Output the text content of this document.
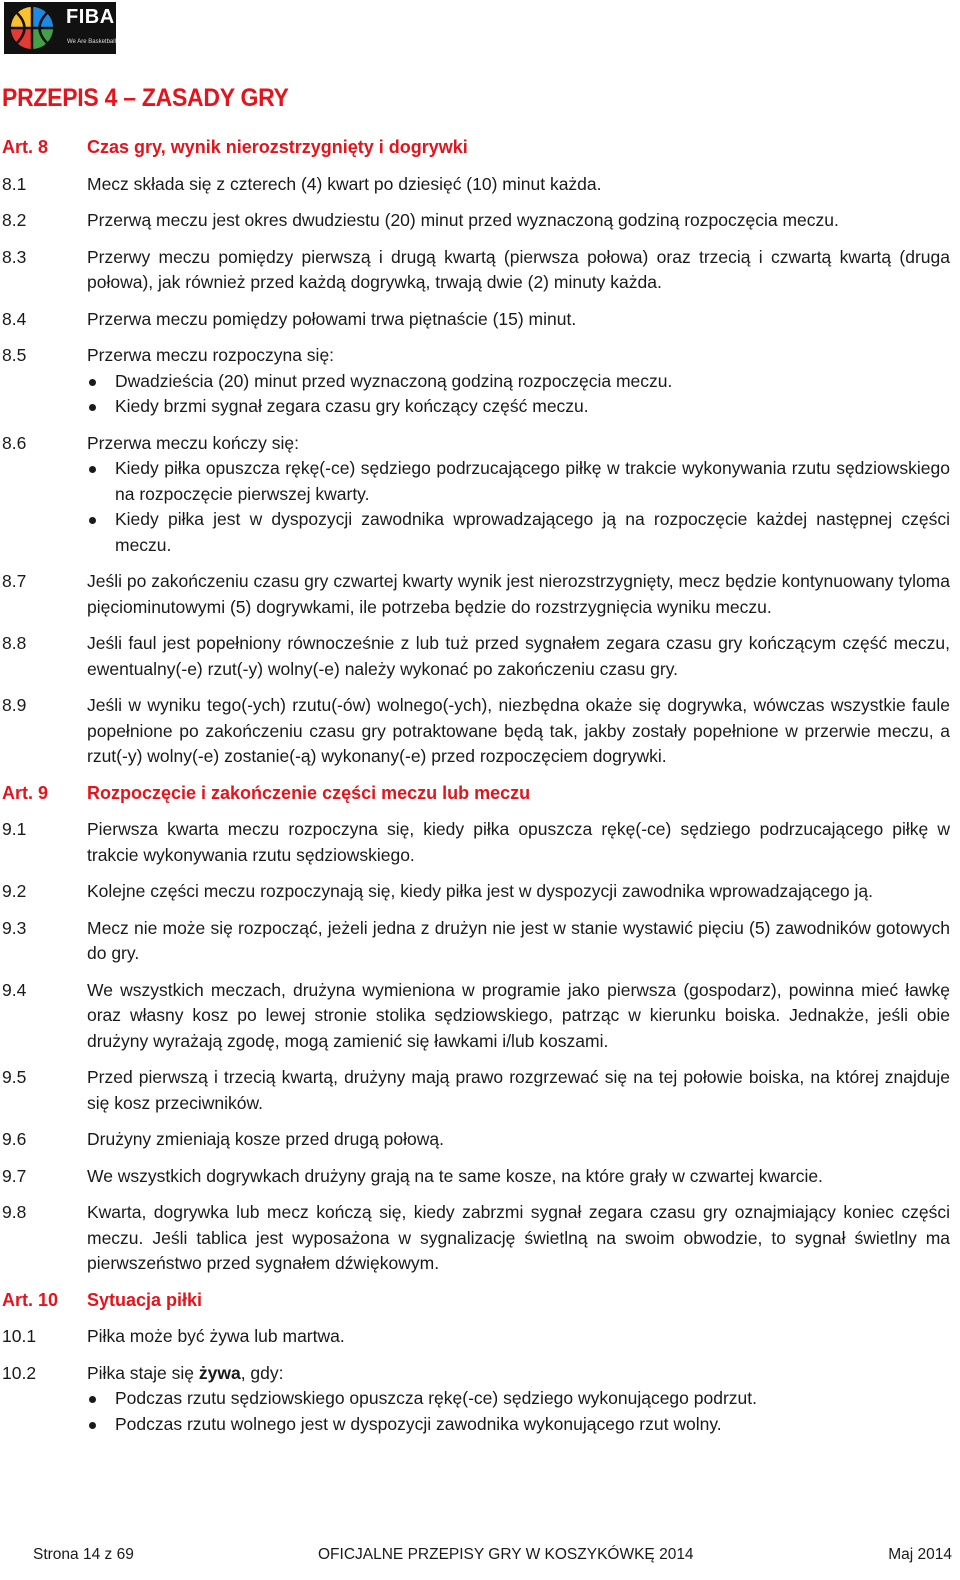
FIBA
We Are Basketball
PRZEPIS 4 – ZASADY GRY
Art. 8	Czas gry, wynik nierozstrzygnięty i dogrywki
8.1	Mecz składa się z czterech (4) kwart po dziesięć (10) minut każda.
8.2	Przerwą meczu jest okres dwudziestu (20) minut przed wyznaczoną godziną rozpoczęcia meczu.
8.3	Przerwy meczu pomiędzy pierwszą i drugą kwartą (pierwsza połowa) oraz trzecią i czwartą kwartą (druga połowa), jak również przed każdą dogrywką, trwają dwie (2) minuty każda.
8.4	Przerwa meczu pomiędzy połowami trwa piętnaście (15) minut.
8.5	Przerwa meczu rozpoczyna się:
Dwadzieścia (20) minut przed wyznaczoną godziną rozpoczęcia meczu.
Kiedy brzmi sygnał zegara czasu gry kończący część meczu.
8.6	Przerwa meczu kończy się:
Kiedy piłka opuszcza rękę(-ce) sędziego podrzucającego piłkę w trakcie wykonywania rzutu sędziowskiego na rozpoczęcie pierwszej kwarty.
Kiedy piłka jest w dyspozycji zawodnika wprowadzającego ją na rozpoczęcie każdej następnej części meczu.
8.7	Jeśli po zakończeniu czasu gry czwartej kwarty wynik jest nierozstrzygnięty, mecz będzie kontynuowany tyloma pięciominutowymi (5) dogrywkami, ile potrzeba będzie do rozstrzygnięcia wyniku meczu.
8.8	Jeśli faul jest popełniony równocześnie z lub tuż przed sygnałem zegara czasu gry kończącym część meczu, ewentualny(-e) rzut(-y) wolny(-e) należy wykonać po zakończeniu czasu gry.
8.9	Jeśli w wyniku tego(-ych) rzutu(-ów) wolnego(-ych), niezbędna okaże się dogrywka, wówczas wszystkie faule popełnione po zakończeniu czasu gry potraktowane będą tak, jakby zostały popełnione w przerwie meczu, a rzut(-y) wolny(-e) zostanie(-ą) wykonany(-e) przed rozpoczęciem dogrywki.
Art. 9	Rozpoczęcie i zakończenie części meczu lub meczu
9.1	Pierwsza kwarta meczu rozpoczyna się, kiedy piłka opuszcza rękę(-ce) sędziego podrzucającego piłkę w trakcie wykonywania rzutu sędziowskiego.
9.2	Kolejne części meczu rozpoczynają się, kiedy piłka jest w dyspozycji zawodnika wprowadzającego ją.
9.3	Mecz nie może się rozpocząć, jeżeli jedna z drużyn nie jest w stanie wystawić pięciu (5) zawodników gotowych do gry.
9.4	We wszystkich meczach, drużyna wymieniona w programie jako pierwsza (gospodarz), powinna mieć ławkę oraz własny kosz po lewej stronie stolika sędziowskiego, patrząc w kierunku boiska. Jednakże, jeśli obie drużyny wyrażają zgodę, mogą zamienić się ławkami i/lub koszami.
9.5	Przed pierwszą i trzecią kwartą, drużyny mają prawo rozgrzewać się na tej połowie boiska, na której znajduje się kosz przeciwników.
9.6	Drużyny zmieniają kosze przed drugą połową.
9.7	We wszystkich dogrywkach drużyny grają na te same kosze, na które grały w czwartej kwarcie.
9.8	Kwarta, dogrywka lub mecz kończą się, kiedy zabrzmi sygnał zegara czasu gry oznajmiający koniec części meczu. Jeśli tablica jest wyposażona w sygnalizację świetlną na swoim obwodzie, to sygnał świetlny ma pierwszeństwo przed sygnałem dźwiękowym.
Art. 10	Sytuacja piłki
10.1	Piłka może być żywa lub martwa.
10.2	Piłka staje się żywa, gdy:
Podczas rzutu sędziowskiego opuszcza rękę(-ce) sędziego wykonującego podrzut.
Podczas rzutu wolnego jest w dyspozycji zawodnika wykonującego rzut wolny.
Strona 14 z 69	OFICJALNE PRZEPISY GRY W KOSZYKÓWKĘ 2014	Maj 2014
